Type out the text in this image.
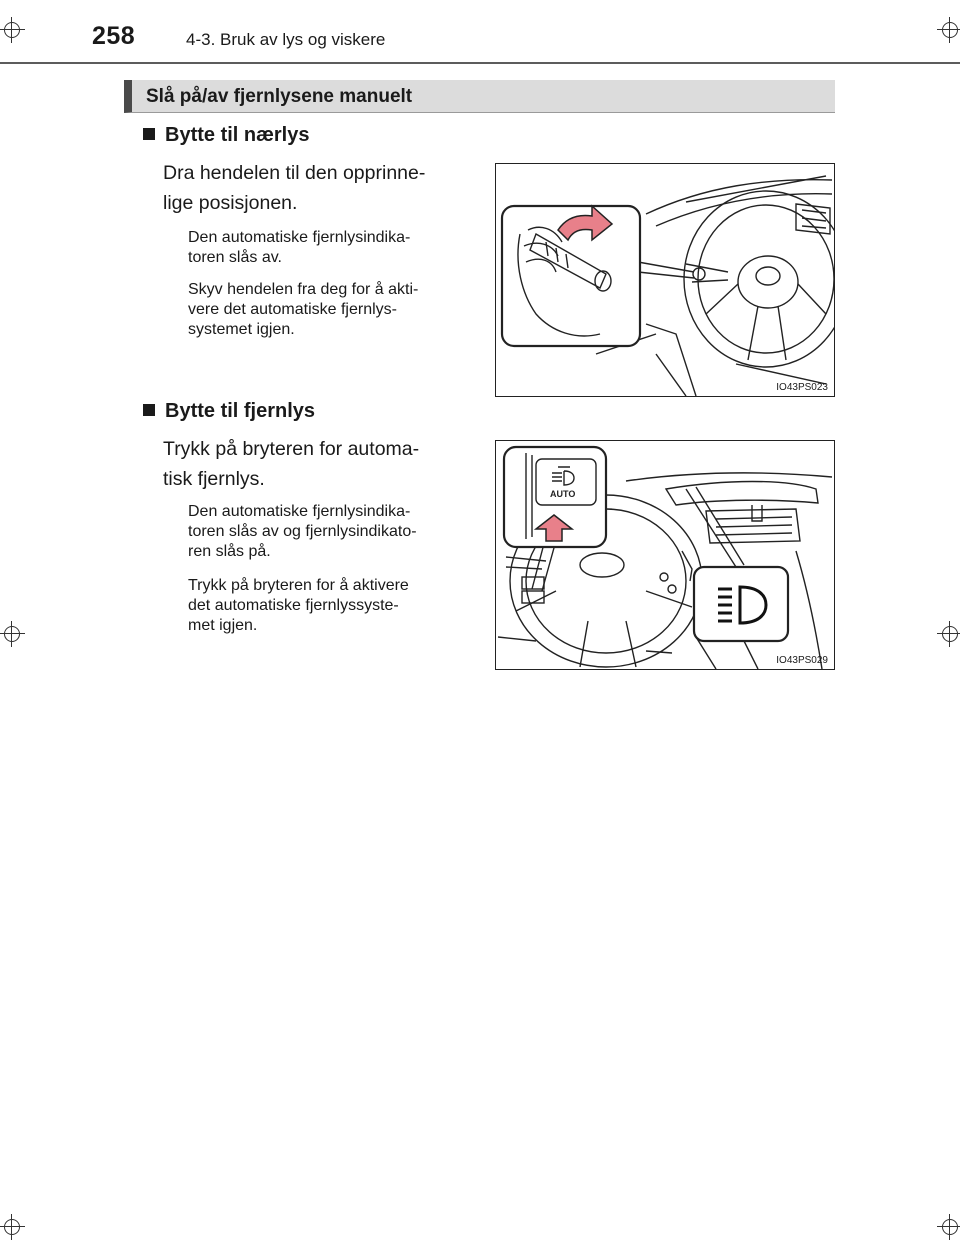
258	4-3. Bruk av lys og viskere
Slå på/av fjernlysene manuelt
Bytte til nærlys
Dra hendelen til den opprinne-
lige posisjonen.
Den automatiske fjernlysindika-
toren slås av.
Skyv hendelen fra deg for å akti-
vere det automatiske fjernlys-
systemet igjen.
IO43PS023
Bytte til fjernlys
Trykk på bryteren for automa-
tisk fjernlys.
Den automatiske fjernlysindika-
toren slås av og fjernlysindikato-
ren slås på.
Trykk på bryteren for å aktivere
det automatiske fjernlyssyste-
met igjen.
AUTO
IO43PS029
